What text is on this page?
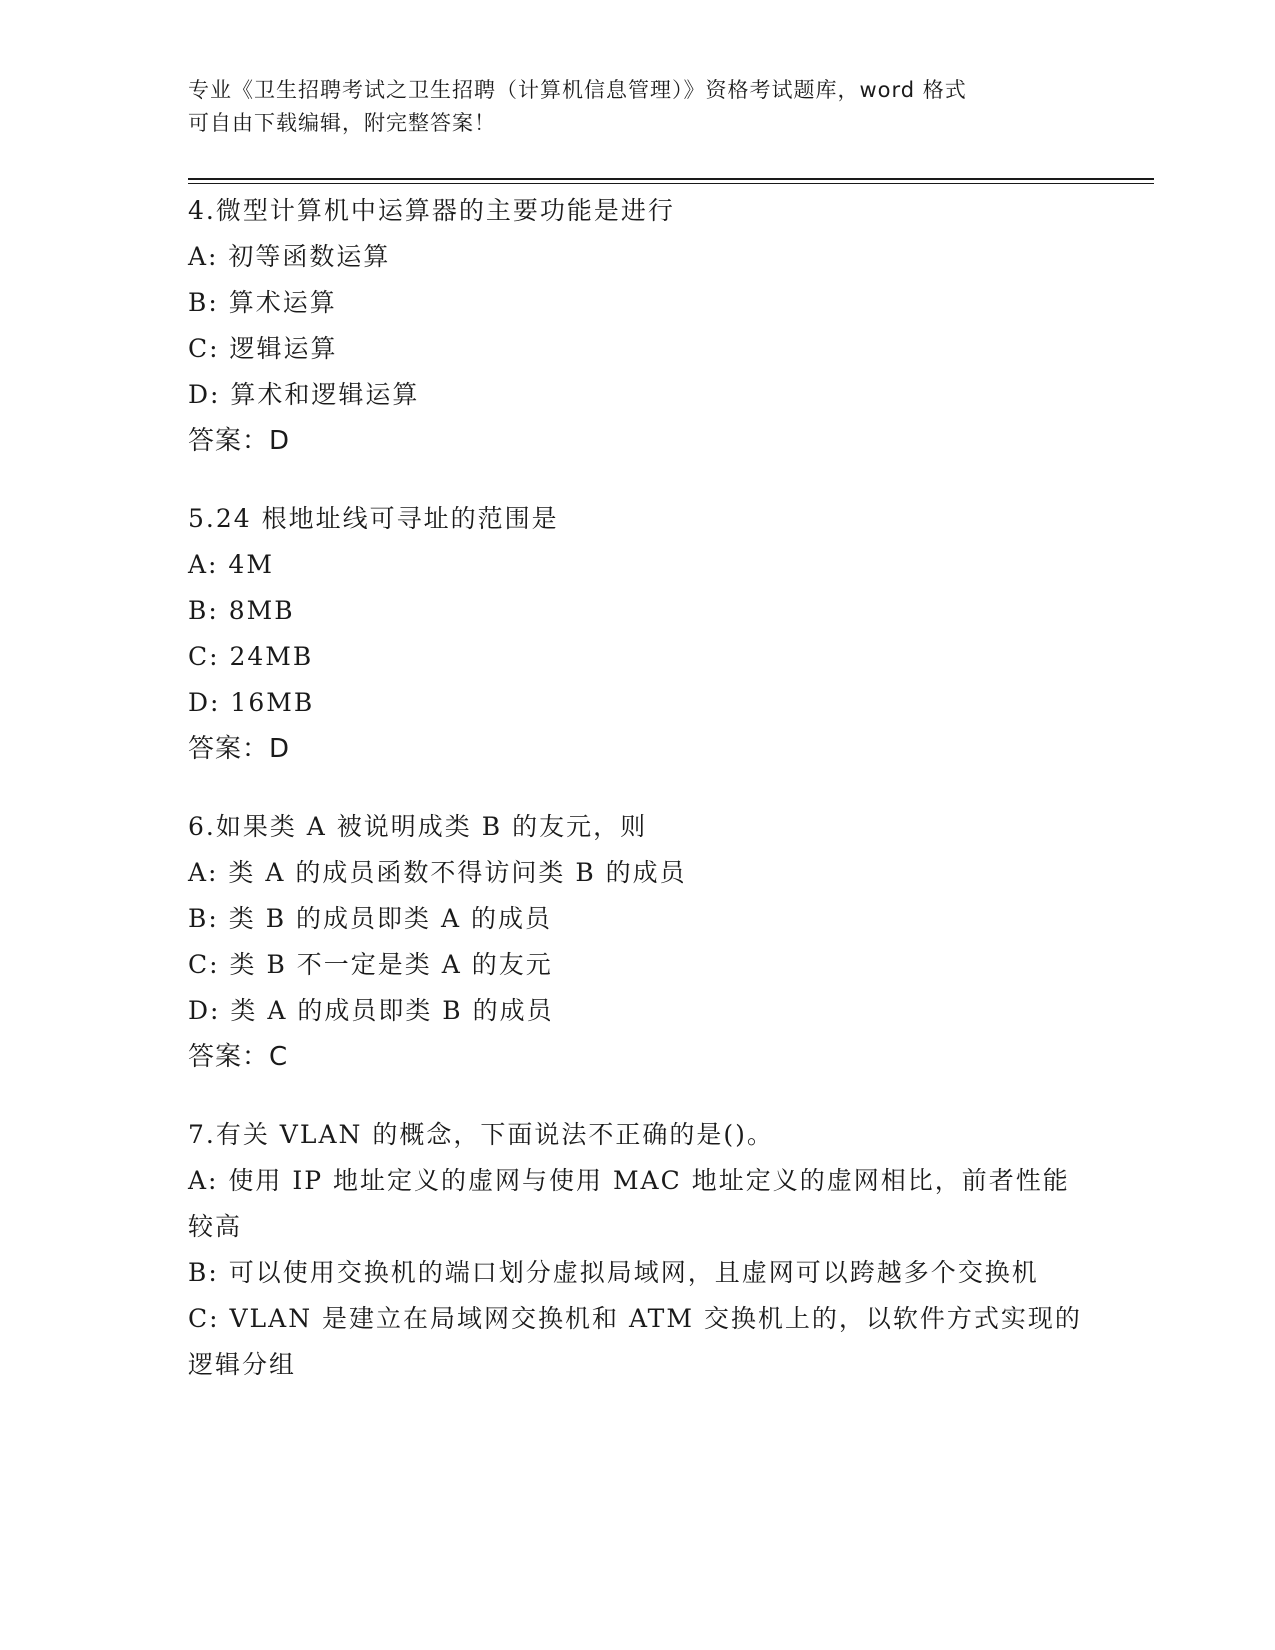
专业《卫生招聘考试之卫生招聘（计算机信息管理）》资格考试题库，word 格式
可自由下载编辑，附完整答案！
4.微型计算机中运算器的主要功能是进行
A: 初等函数运算
B: 算术运算
C: 逻辑运算
D: 算术和逻辑运算
答案：D
5.24 根地址线可寻址的范围是
A: 4M
B: 8MB
C: 24MB
D: 16MB
答案：D
6.如果类 A 被说明成类 B 的友元，则
A: 类 A 的成员函数不得访问类 B 的成员
B: 类 B 的成员即类 A 的成员
C: 类 B 不一定是类 A 的友元
D: 类 A 的成员即类 B 的成员
答案：C
7.有关 VLAN 的概念，下面说法不正确的是()。
A: 使用 IP 地址定义的虚网与使用 MAC 地址定义的虚网相比，前者性能较高
B: 可以使用交换机的端口划分虚拟局域网，且虚网可以跨越多个交换机
C: VLAN 是建立在局域网交换机和 ATM 交换机上的，以软件方式实现的逻辑分组
